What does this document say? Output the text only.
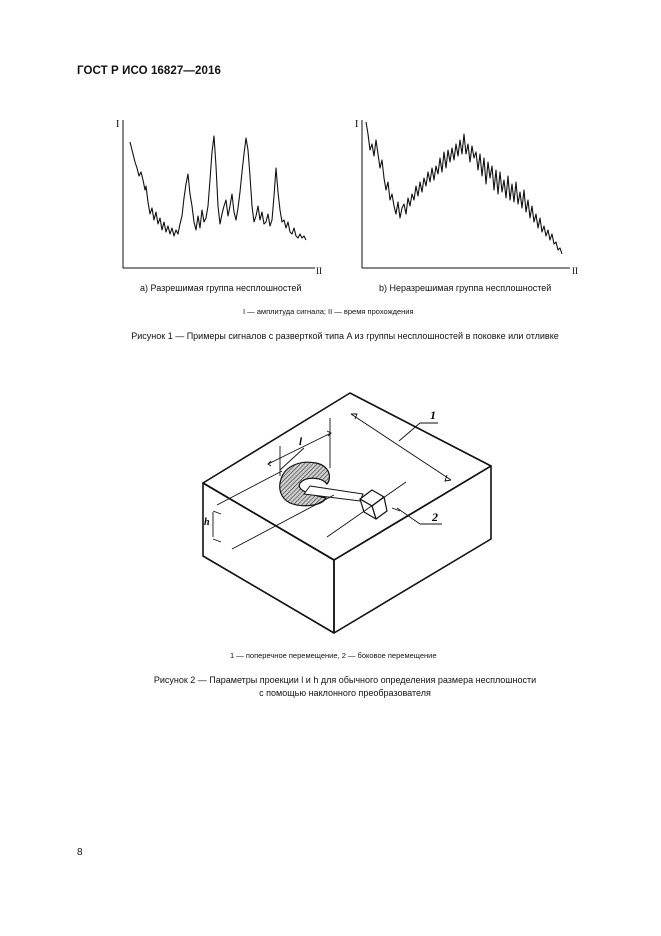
ГОСТ Р ИСО 16827—2016
I
II
I
II
a) Разрешимая группа несплошностей	b) Неразрешимая группа несплошностей
I — амплитуда сигнала; II — время прохождения
Рисунок 1 — Примеры сигналов с разверткой типа A из группы несплошностей в поковке или отливке
1
2
l
h
1 — поперечное перемещение, 2 — боковое перемещение
Рисунок 2 — Параметры проекции l и h для обычного определения размера несплошности
с помощью наклонного преобразователя
8
